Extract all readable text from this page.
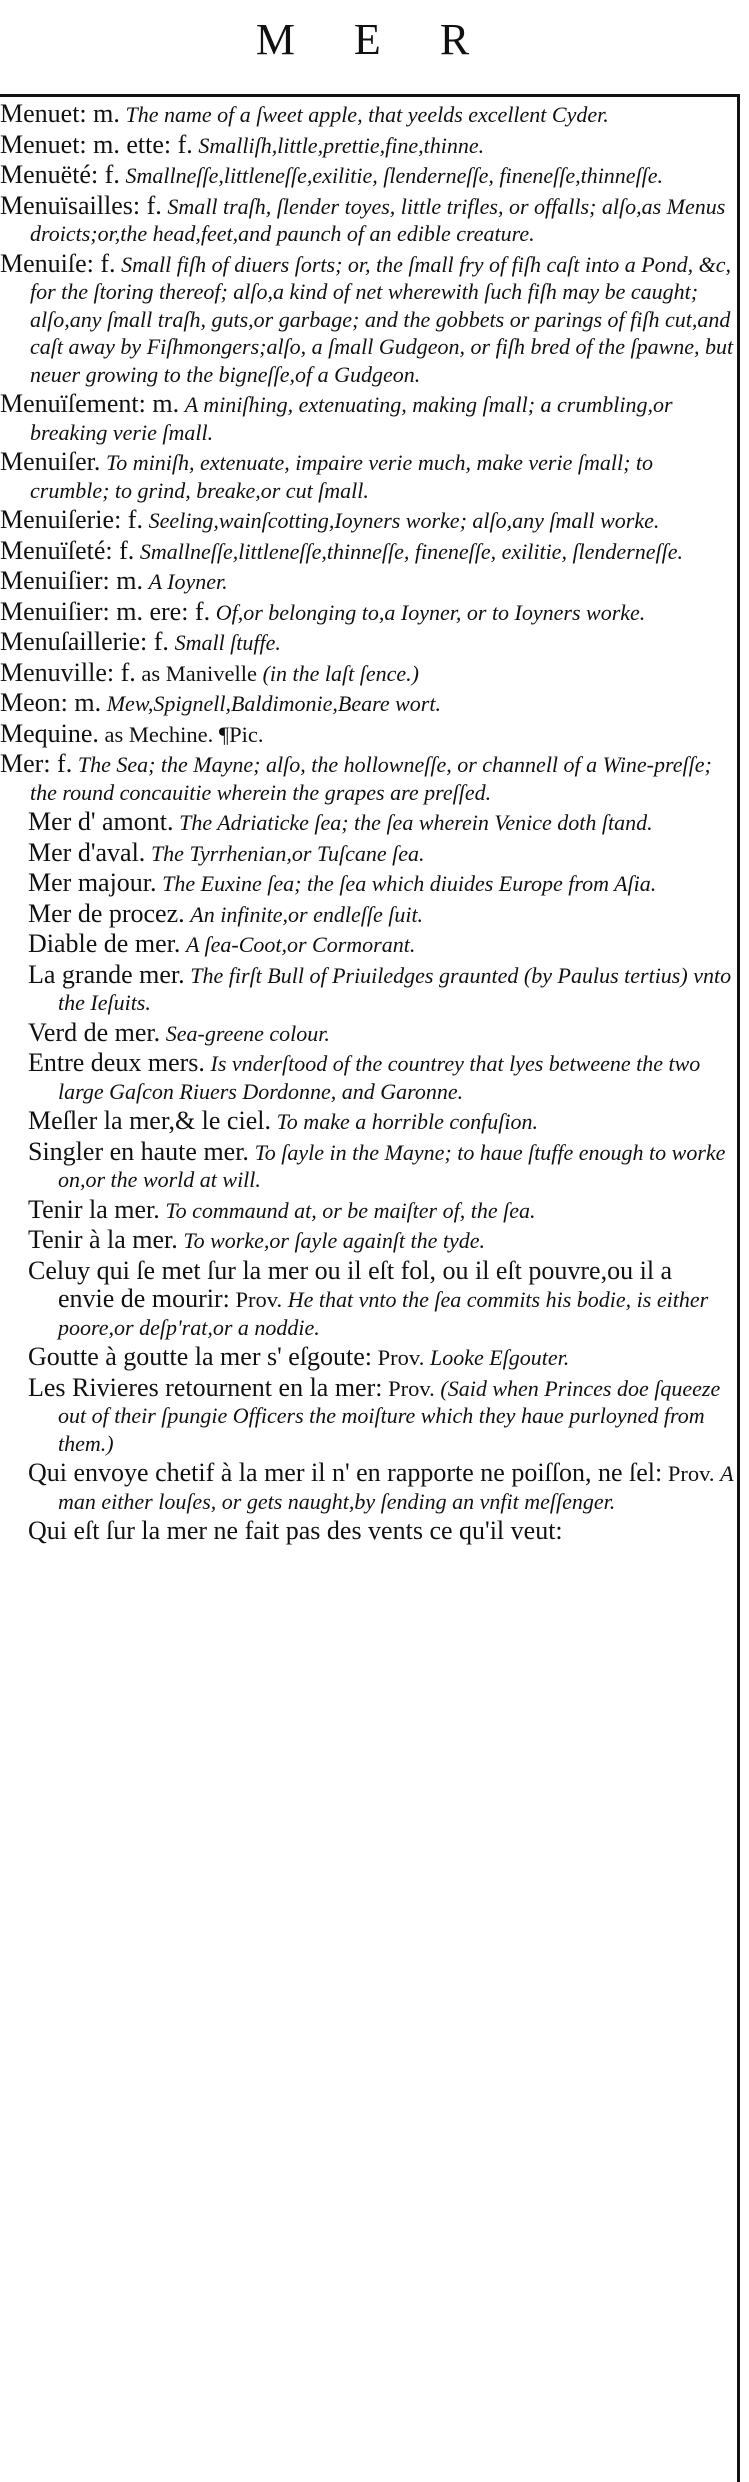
M E R

Menuet: m. The name of a ſweet apple, that yeelds excellent Cyder.

Menuet: m. ette: f. Smalliſh,little,prettie,fine,thinne.

Menuëté: f. Smallneſſe,littleneſſe,exilitie, ſlenderneſſe, fineneſſe,thinneſſe.

Menuïsailles: f. Small traſh, ſlender toyes, little trifles, or offalls; alſo,as Menus droicts;or,the head,feet,and paunch of an edible creature.

Menuiſe: f. Small fiſh of diuers ſorts; or, the ſmall fry of fiſh caſt into a Pond, &c, for the ſtoring thereof; alſo,a kind of net wherewith ſuch fiſh may be caught; alſo,any ſmall traſh, guts,or garbage; and the gobbets or parings of fiſh cut,and caſt away by Fiſhmongers;alſo, a ſmall Gudgeon, or fiſh bred of the ſpawne, but neuer growing to the bigneſſe,of a Gudgeon.

Menuïſement: m. A miniſhing, extenuating, making ſmall; a crumbling,or breaking verie ſmall.

Menuiſer. To miniſh, extenuate, impaire verie much, make verie ſmall; to crumble; to grind, breake,or cut ſmall.

Menuiſerie: f. Seeling,wainſcotting,Ioyners worke; alſo,any ſmall worke.

Menuïſeté: f. Smallneſſe,littleneſſe,thinneſſe, fineneſſe, exilitie, ſlenderneſſe.

Menuiſier: m. A Ioyner.

Menuiſier: m. ere: f. Of,or belonging to,a Ioyner, or to Ioyners worke.

Menuſaillerie: f. Small ſtuffe.

Menuville: f. as Manivelle (in the laſt ſence.)

Meon: m. Mew,Spignell,Baldimonie,Beare wort.

Mequine. as Mechine. ¶Pic.

Mer: f. The Sea; the Mayne; alſo, the hollowneſſe, or channell of a Wine-preſſe; the round concauitie wherein the grapes are preſſed.

Mer d' amont. The Adriaticke ſea; the ſea wherein Venice doth ſtand.

Mer d'aval. The Tyrrhenian,or Tuſcane ſea.

Mer majour. The Euxine ſea; the ſea which diuides Europe from Aſia.

Mer de procez. An infinite,or endleſſe ſuit.

Diable de mer. A ſea-Coot,or Cormorant.

La grande mer. The firſt Bull of Priuiledges graunted (by Paulus tertius) vnto the Ieſuits.

Verd de mer. Sea-greene colour.

Entre deux mers. Is vnderſtood of the countrey that lyes betweene the two large Gaſcon Riuers Dordonne, and Garonne.

Meſler la mer,& le ciel. To make a horrible confuſion.

Singler en haute mer. To ſayle in the Mayne; to haue ſtuffe enough to worke on,or the world at will.

Tenir la mer. To commaund at, or be maiſter of, the ſea.

Tenir à la mer. To worke,or ſayle againſt the tyde.

Celuy qui ſe met ſur la mer ou il eſt fol, ou il eſt pouvre,ou il a envie de mourir: Prov. He that vnto the ſea commits his bodie, is either poore,or deſp'rat,or a noddie.

Goutte à goutte la mer s' eſgoute: Prov. Looke Eſgouter.

Les Rivieres retournent en la mer: Prov. (Said when Princes doe ſqueeze out of their ſpungie Officers the moiſture which they haue purloyned from them.)

Qui envoye chetif à la mer il n' en rapporte ne poiſſon, ne ſel: Prov. A man either louſes, or gets naught,by ſending an vnfit meſſenger.

Qui eſt ſur la mer ne fait pas des vents ce qu'il veut:
